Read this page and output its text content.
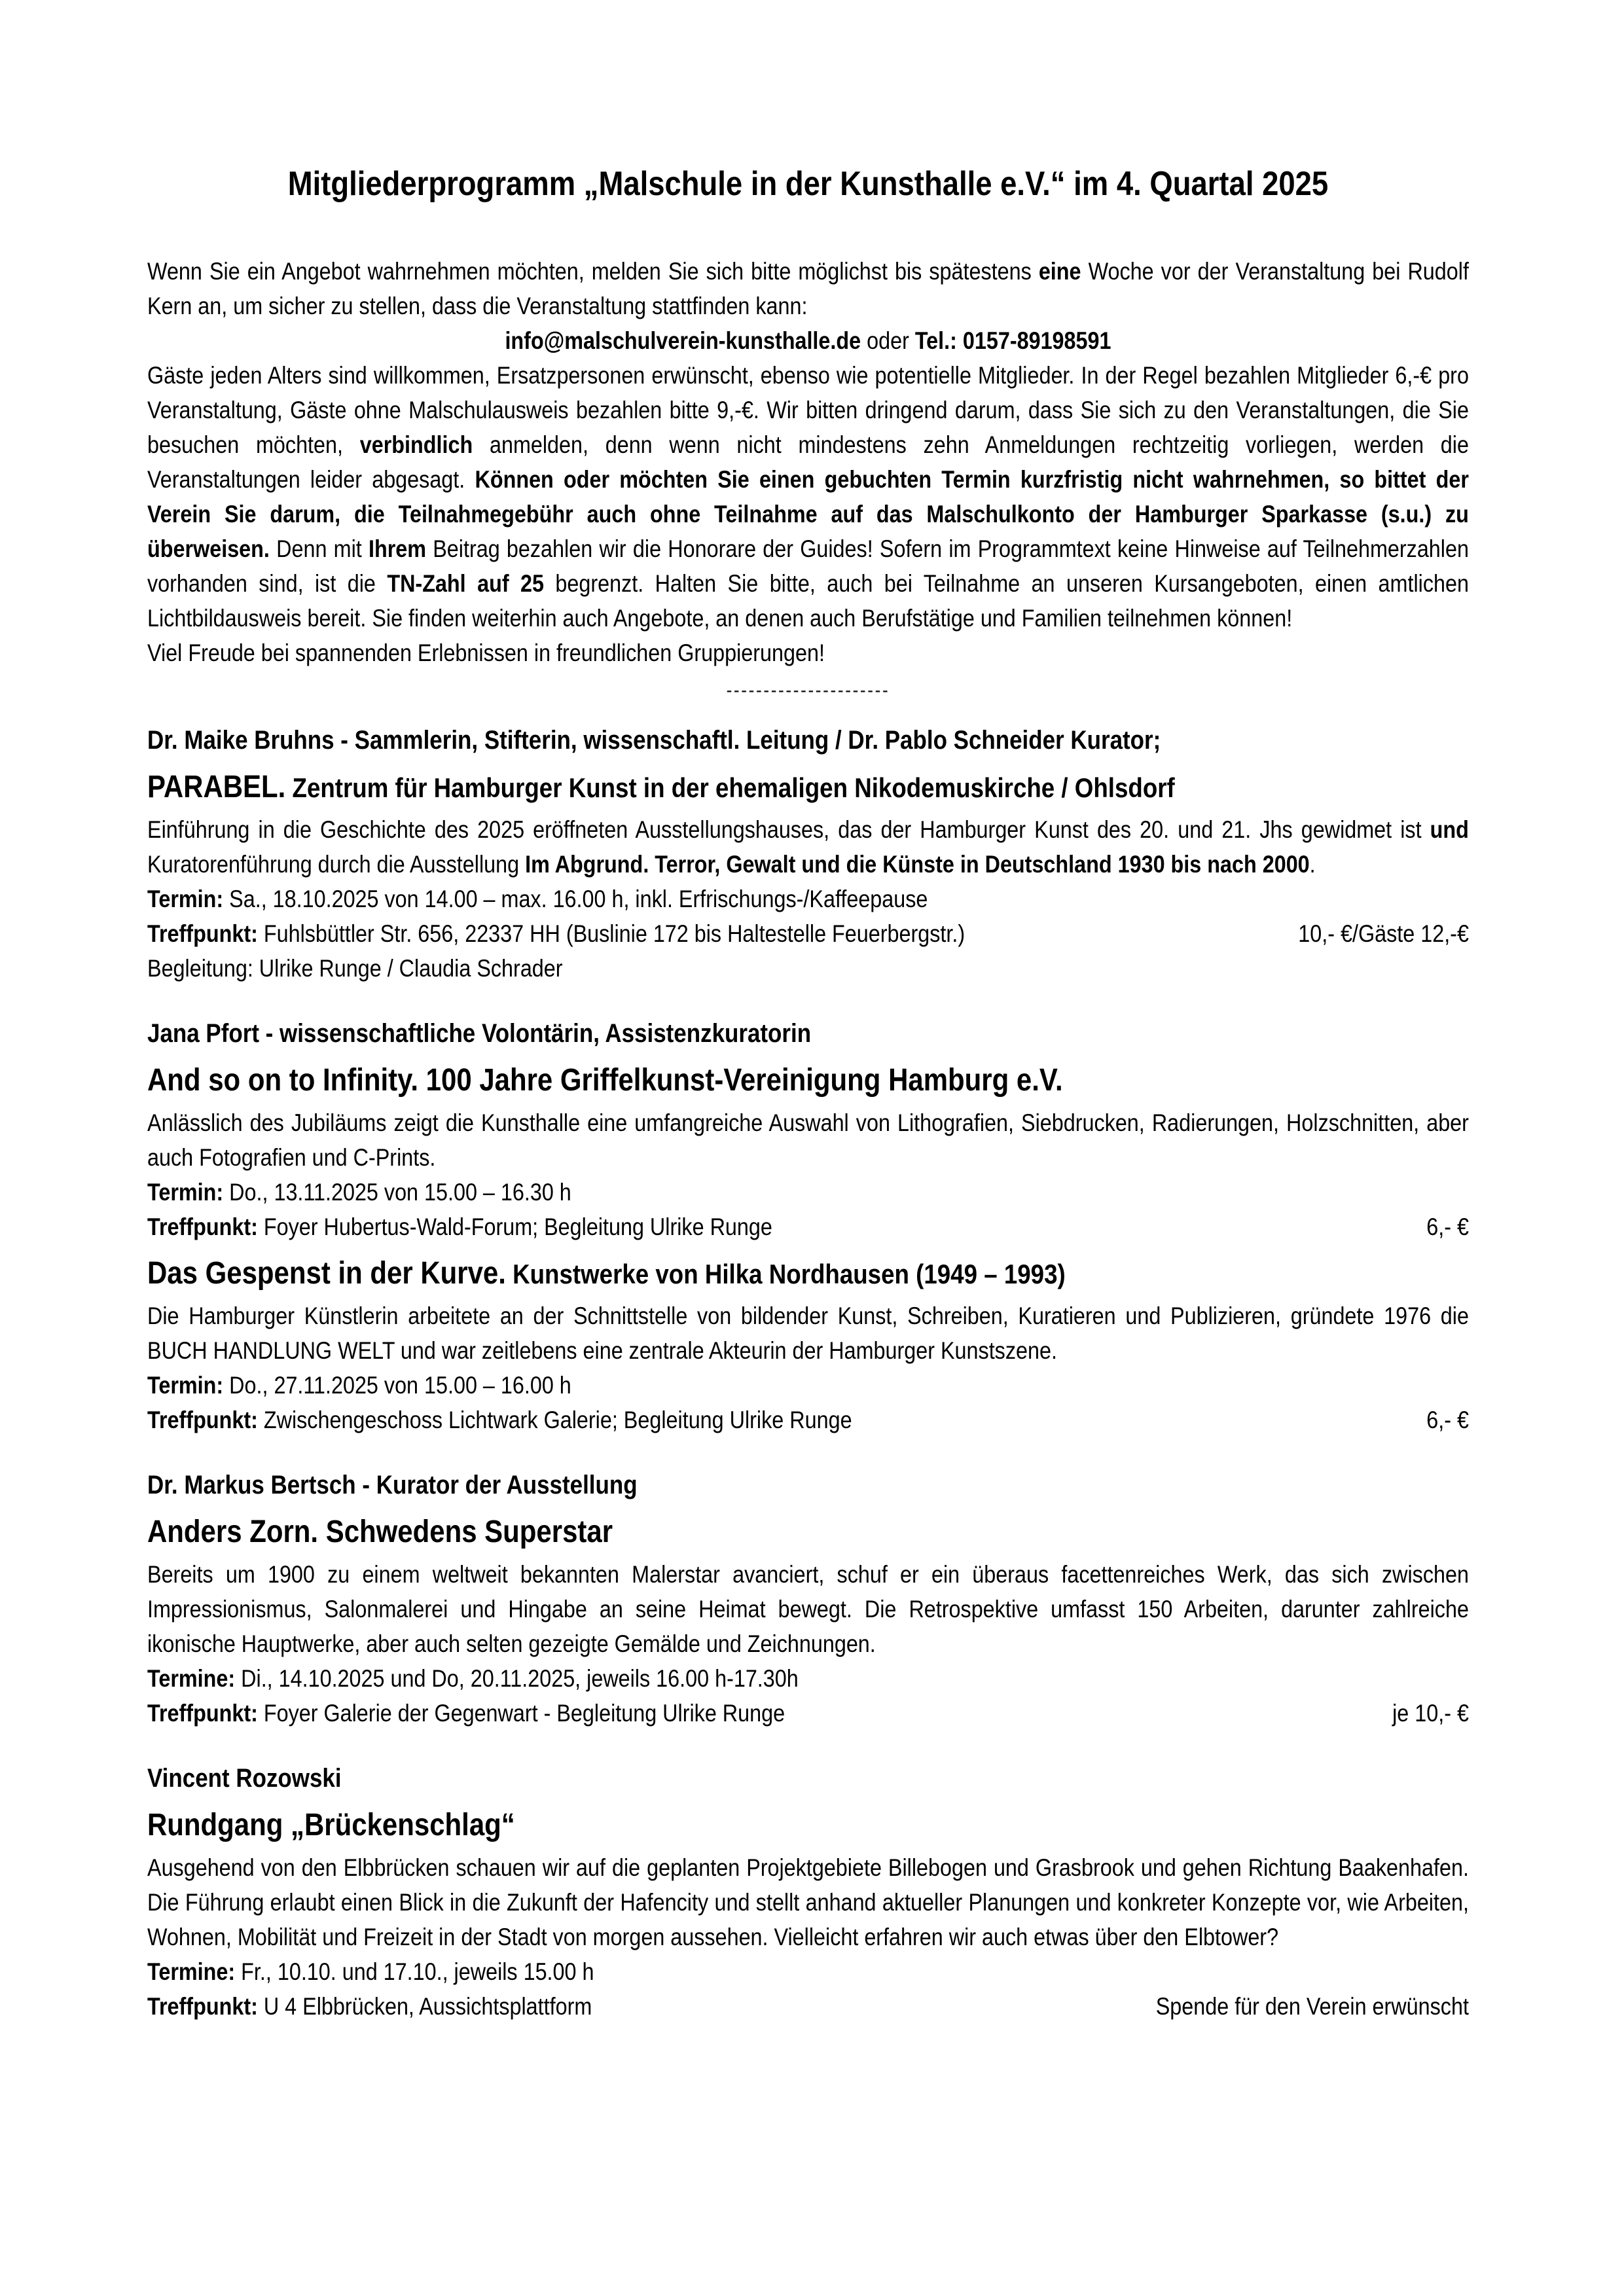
Mitgliederprogramm „Malschule in der Kunsthalle e.V.“ im 4. Quartal 2025

Wenn Sie ein Angebot wahrnehmen möchten, melden Sie sich bitte möglichst bis spätestens eine Woche vor der Veranstaltung bei Rudolf Kern an, um sicher zu stellen, dass die Veranstaltung stattfinden kann:

info@malschulverein-kunsthalle.de oder Tel.: 0157-89198591

Gäste jeden Alters sind willkommen, Ersatzpersonen erwünscht, ebenso wie potentielle Mitglieder. In der Regel bezahlen Mitglieder 6,-€ pro Veranstaltung, Gäste ohne Malschulausweis bezahlen bitte 9,-€. Wir bitten dringend darum, dass Sie sich zu den Veranstaltungen, die Sie besuchen möchten, verbindlich anmelden, denn wenn nicht mindestens zehn Anmeldungen rechtzeitig vorliegen, werden die Veranstaltungen leider abgesagt. Können oder möchten Sie einen gebuchten Termin kurzfristig nicht wahrnehmen, so bittet der Verein Sie darum, die Teilnahmegebühr auch ohne Teilnahme auf das Malschulkonto der Hamburger Sparkasse (s.u.) zu überweisen. Denn mit Ihrem Beitrag bezahlen wir die Honorare der Guides! Sofern im Programmtext keine Hinweise auf Teilnehmerzahlen vorhanden sind, ist die TN-Zahl auf 25 begrenzt. Halten Sie bitte, auch bei Teilnahme an unseren Kursangeboten, einen amtlichen Lichtbildausweis bereit. Sie finden weiterhin auch Angebote, an denen auch Berufstätige und Familien teilnehmen können!

Viel Freude bei spannenden Erlebnissen in freundlichen Gruppierungen!

----------------------

Dr. Maike Bruhns - Sammlerin, Stifterin, wissenschaftl. Leitung / Dr. Pablo Schneider Kurator;

PARABEL. Zentrum für Hamburger Kunst in der ehemaligen Nikodemuskirche / Ohlsdorf

Einführung in die Geschichte des 2025 eröffneten Ausstellungshauses, das der Hamburger Kunst des 20. und 21. Jhs gewidmet ist und Kuratorenführung durch die Ausstellung Im Abgrund. Terror, Gewalt und die Künste in Deutschland 1930 bis nach 2000.

Termin: Sa., 18.10.2025 von 14.00 – max. 16.00 h, inkl. Erfrischungs-/Kaffeepause
Treffpunkt: Fuhlsbüttler Str. 656, 22337 HH (Buslinie 172 bis Haltestelle Feuerbergstr.)	10,- €/Gäste 12,-€
Begleitung: Ulrike Runge / Claudia Schrader

Jana Pfort - wissenschaftliche Volontärin, Assistenzkuratorin

And so on to Infinity. 100 Jahre Griffelkunst-Vereinigung Hamburg e.V.

Anlässlich des Jubiläums zeigt die Kunsthalle eine umfangreiche Auswahl von Lithografien, Siebdrucken, Radierungen, Holzschnitten, aber auch Fotografien und C-Prints.

Termin: Do., 13.11.2025 von 15.00 – 16.30 h
Treffpunkt: Foyer Hubertus-Wald-Forum; Begleitung Ulrike Runge	6,- €

Das Gespenst in der Kurve. Kunstwerke von Hilka Nordhausen (1949 – 1993)

Die Hamburger Künstlerin arbeitete an der Schnittstelle von bildender Kunst, Schreiben, Kuratieren und Publizieren, gründete 1976 die BUCH HANDLUNG WELT und war zeitlebens eine zentrale Akteurin der Hamburger Kunstszene.

Termin: Do., 27.11.2025 von 15.00 – 16.00 h
Treffpunkt: Zwischengeschoss Lichtwark Galerie; Begleitung Ulrike Runge	6,- €

Dr. Markus Bertsch - Kurator der Ausstellung

Anders Zorn. Schwedens Superstar

Bereits um 1900 zu einem weltweit bekannten Malerstar avanciert, schuf er ein überaus facettenreiches Werk, das sich zwischen Impressionismus, Salonmalerei und Hingabe an seine Heimat bewegt. Die Retrospektive umfasst 150 Arbeiten, darunter zahlreiche ikonische Hauptwerke, aber auch selten gezeigte Gemälde und Zeichnungen.

Termine: Di., 14.10.2025 und Do, 20.11.2025, jeweils 16.00 h-17.30h
Treffpunkt: Foyer Galerie der Gegenwart - Begleitung Ulrike Runge	je 10,- €

Vincent Rozowski

Rundgang „Brückenschlag“

Ausgehend von den Elbbrücken schauen wir auf die geplanten Projektgebiete Billebogen und Grasbrook und gehen Richtung Baakenhafen. Die Führung erlaubt einen Blick in die Zukunft der Hafencity und stellt anhand aktueller Planungen und konkreter Konzepte vor, wie Arbeiten, Wohnen, Mobilität und Freizeit in der Stadt von morgen aussehen. Vielleicht erfahren wir auch etwas über den Elbtower?

Termine: Fr., 10.10. und 17.10., jeweils 15.00 h
Treffpunkt: U 4 Elbbrücken, Aussichtsplattform	Spende für den Verein erwünscht
